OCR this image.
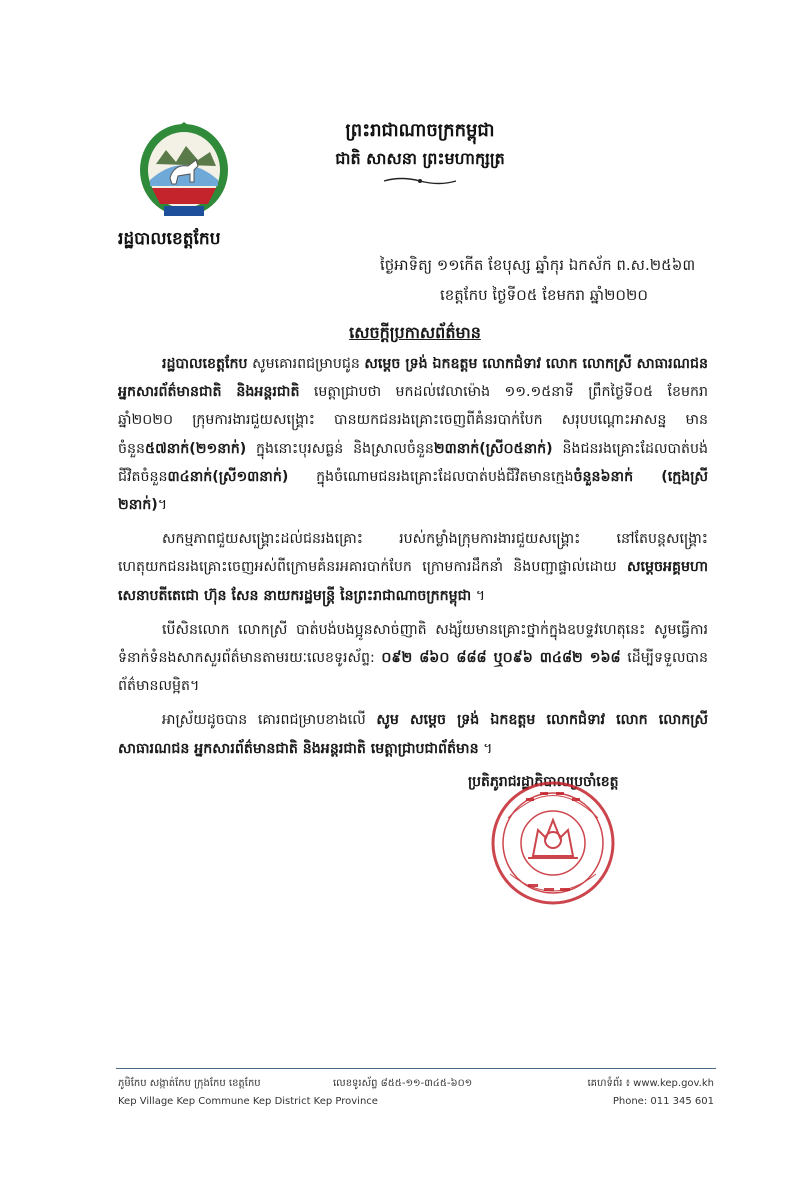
រដ្ឋបាលខេត្តកែប
ព្រះរាជាណាចក្រកម្ពុជា
ជាតិ សាសនា ព្រះមហាក្សត្រ
ថ្ងៃអាទិត្យ ១១កើត ខែបុស្ស ឆ្នាំកុរ ឯកស័ក ព.ស.២៥៦៣
ខេត្តកែប ថ្ងៃទី០៥ ខែមករា ឆ្នាំ២០២០
សេចក្តីប្រកាសព័ត៌មាន

រដ្ឋបាលខេត្តកែប សូមគោរពជម្រាបជូន សម្តេច ទ្រង់ ឯកឧត្តម លោកជំទាវ លោក លោកស្រី សាធារណជន អ្នកសារព័ត៌មានជាតិ និងអន្តរជាតិ មេត្តាជ្រាបថា មកដល់វេលាម៉ោង ១១.១៥នាទី ព្រឹកថ្ងៃទី០៥ ខែមករា ឆ្នាំ២០២០ ក្រុមការងារជួយសង្គ្រោះ បានយកជនរងគ្រោះចេញពីគំនរបាក់បែក សរុបបណ្តោះអាសន្ន មានចំនួន៥៧នាក់(២១នាក់) ក្នុងនោះបុរសធ្ងន់ និងស្រាលចំនួន២៣នាក់(ស្រី០៥នាក់) និងជនរងគ្រោះដែលបាត់បង់ជីវិតចំនួន៣៤នាក់(ស្រី១៣នាក់) ក្នុងចំណោមជនរងគ្រោះដែលបាត់បង់ជីវិតមានក្មេងចំនួន៦នាក់ (ក្មេងស្រី ២នាក់)។

សកម្មភាពជួយសង្គ្រោះដល់ជនរងគ្រោះ របស់កម្លាំងក្រុមការងារជួយសង្គ្រោះ នៅតែបន្តសង្គ្រោះ ហេតុយកជនរងគ្រោះចេញអស់ពីក្រោមគំនរអគារបាក់បែក ក្រោមការដឹកនាំ និងបញ្ជាផ្ទាល់ដោយ សម្តេចអគ្គមហាសេនាបតីតេជោ ហ៊ុន សែន នាយករដ្ឋមន្ត្រី នៃព្រះរាជាណាចក្រកម្ពុជា ។

បើសិនលោក លោកស្រី បាត់បង់បងប្អូនសាច់ញាតិ សង្ស័យមានគ្រោះថ្នាក់ក្នុងឧបទ្ទវហេតុនេះ សូមធ្វើការទំនាក់ទំនងសាកសួរព័ត៌មានតាមរយៈលេខទូរស័ព្ទ: ០៩២ ៨៦០ ៨៨៨ ឬ០៩៦ ៣៤៨២ ១៦៨ ដើម្បីទទួលបានព័ត៌មានលម្អិត។

អាស្រ័យដូចបាន គោរពជម្រាបខាងលើ សូម សម្តេច ទ្រង់ ឯកឧត្តម លោកជំទាវ លោក លោកស្រី សាធារណជន អ្នកសារព័ត៌មានជាតិ និងអន្តរជាតិ មេត្តាជ្រាបជាព័ត៌មាន ។

ប្រតិភូរាជរដ្ឋាភិបាលប្រចាំខេត្ត
ភូមិកែប សង្កាត់កែប ក្រុងកែប ខេត្តកែប	លេខទូរស័ព្ទ ៨៥៥-១១-៣៤៥-៦០១	គេហទំព័រ ៖ www.kep.gov.kh
Kep Village Kep Commune Kep District Kep Province	Phone: 011 345 601
